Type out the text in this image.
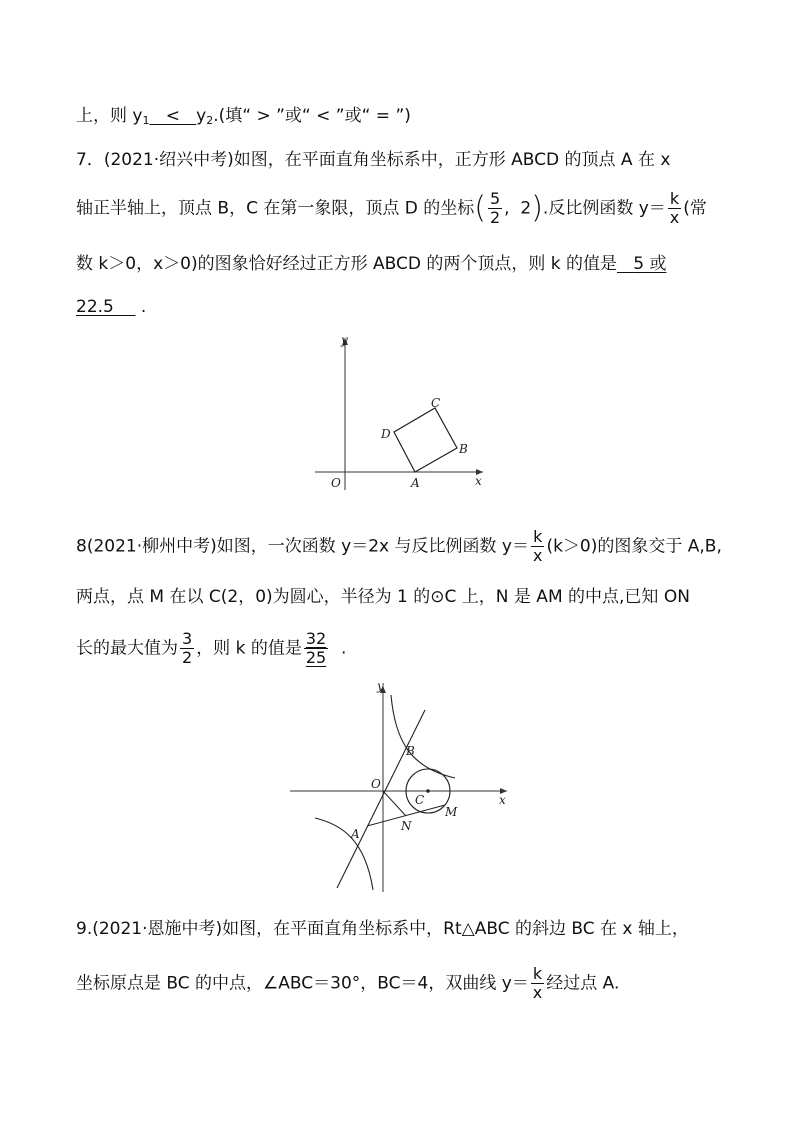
上，则 $y_1 < y_2$.(填“ > ”或“ < ”或“ = ”)
7．(2021·绍兴中考)如图，在平面直角坐标系中，正方形 ABCD 的顶点 A 在 x
轴正半轴上，顶点 B，C 在第一象限，顶点 D 的坐标( $\frac{5}{2}$ ,  2).反比例函数 $y= \frac{k}{x}$ (常
数 k＞0，x＞0)的图象恰好经过正方形 ABCD 的两个顶点，则 k 的值是 5 或
22.5 .
y
x
O	A
B
C
D
8(2021·柳州中考)如图，一次函数 y＝2x 与反比例函数 $y= \frac{k}{x} (k>0)$的图象交于 A,B,
两点，点 M 在以 C(2，0)为圆心，半径为 1 的⊙C 上，N 是 AM 的中点,已知 ON
长的最大值为 $\frac{3}{2}$ ，则 k 的值是 $\frac{32}{25}$ .
y
x
O
A
B
C
M
N
9.(2021·恩施中考)如图，在平面直角坐标系中，Rt△ABC 的斜边 BC 在 x 轴上，
坐标原点是 BC 的中点，∠ABC＝30°，BC＝4，双曲线 $y= \frac{k}{x}$ 经过点 A.
